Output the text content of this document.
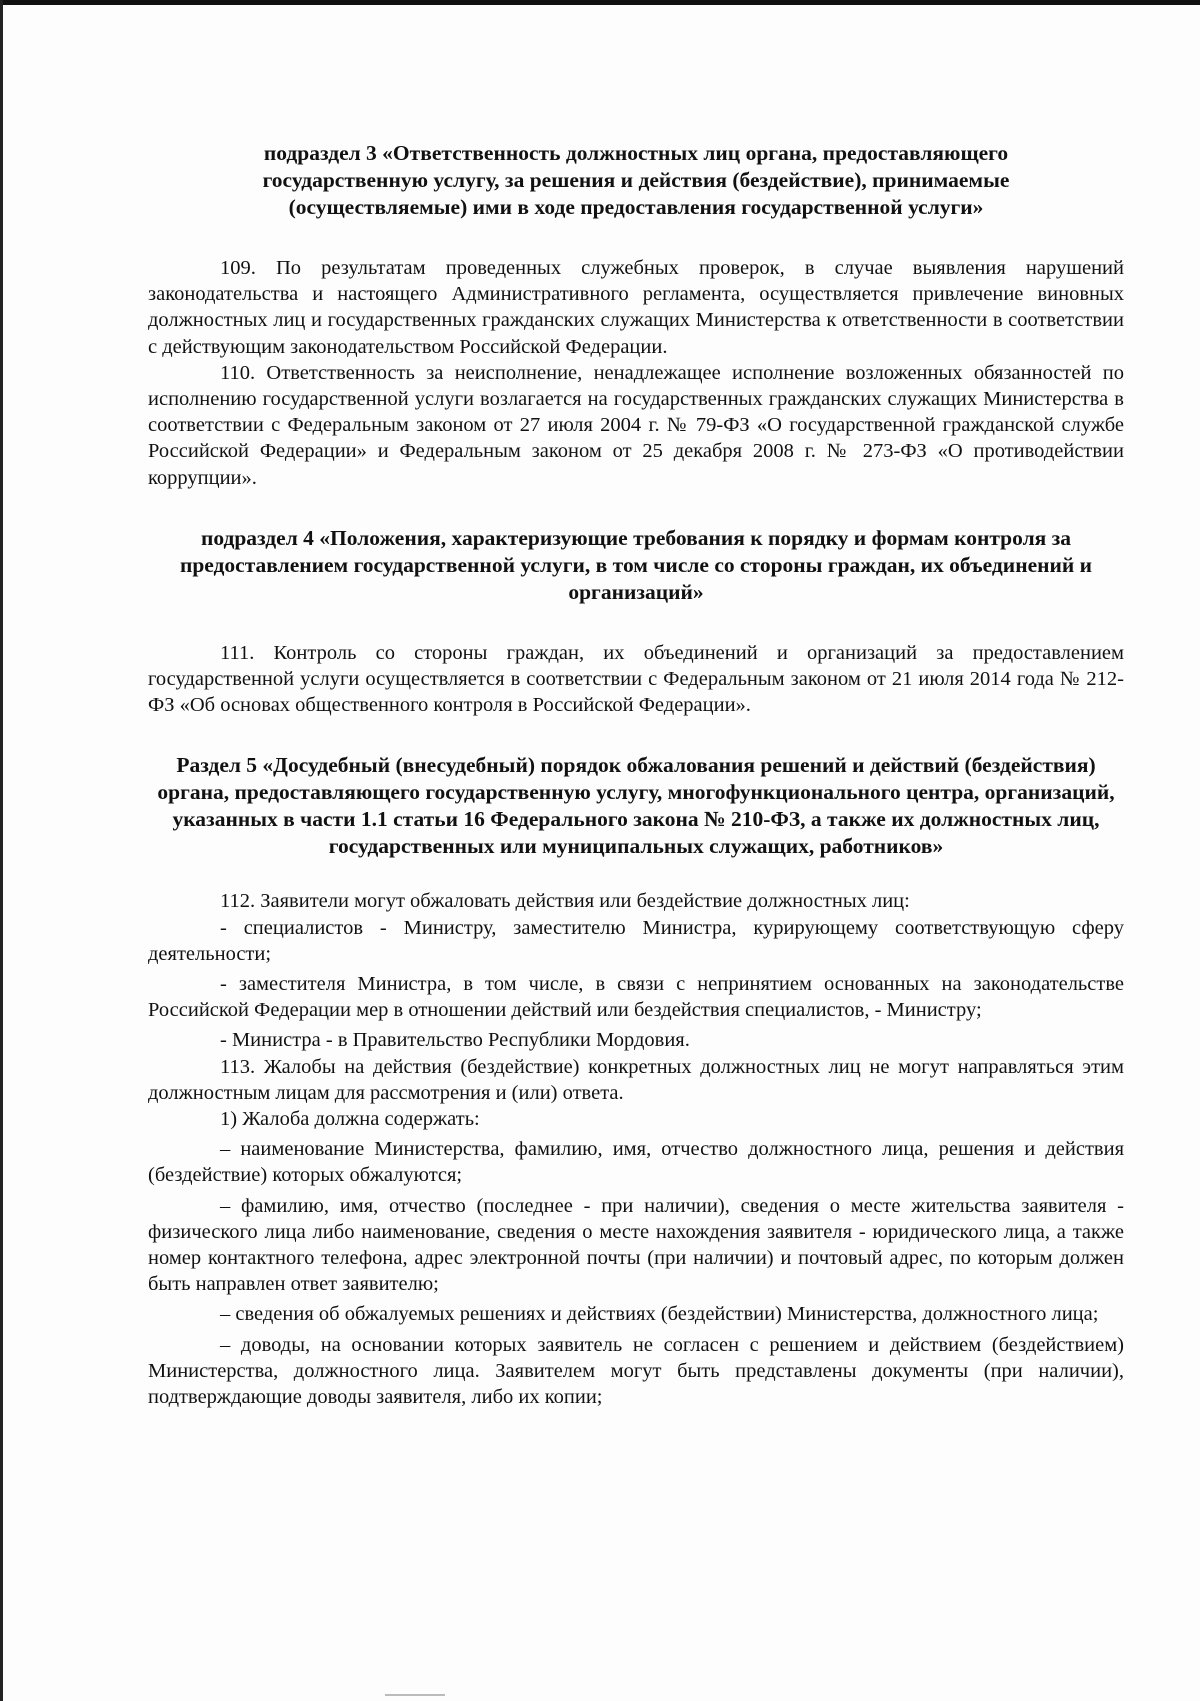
подраздел 3 «Ответственность должностных лиц органа, предоставляющего государственную услугу, за решения и действия (бездействие), принимаемые (осуществляемые) ими в ходе предоставления государственной услуги»

109. По результатам проведенных служебных проверок, в случае выявления нарушений законодательства и настоящего Административного регламента, осуществляется привлечение виновных должностных лиц и государственных гражданских служащих Министерства к ответственности в соответствии с действующим законодательством Российской Федерации.

110. Ответственность за неисполнение, ненадлежащее исполнение возложенных обязанностей по исполнению государственной услуги возлагается на государственных гражданских служащих Министерства в соответствии с Федеральным законом от 27 июля 2004 г. № 79-ФЗ «О государственной гражданской службе Российской Федерации» и Федеральным законом от 25 декабря 2008 г. № 273-ФЗ «О противодействии коррупции».

подраздел 4 «Положения, характеризующие требования к порядку и формам контроля за предоставлением государственной услуги, в том числе со стороны граждан, их объединений и организаций»

111. Контроль со стороны граждан, их объединений и организаций за предоставлением государственной услуги осуществляется в соответствии с Федеральным законом от 21 июля 2014 года № 212-ФЗ «Об основах общественного контроля в Российской Федерации».

Раздел 5 «Досудебный (внесудебный) порядок обжалования решений и действий (бездействия) органа, предоставляющего государственную услугу, многофункционального центра, организаций, указанных в части 1.1 статьи 16 Федерального закона № 210-ФЗ, а также их должностных лиц, государственных или муниципальных служащих, работников»

112. Заявители могут обжаловать действия или бездействие должностных лиц:

- специалистов - Министру, заместителю Министра, курирующему соответствующую сферу деятельности;

- заместителя Министра, в том числе, в связи с непринятием основанных на законодательстве Российской Федерации мер в отношении действий или бездействия специалистов, - Министру;

- Министра - в Правительство Республики Мордовия.

113. Жалобы на действия (бездействие) конкретных должностных лиц не могут направляться этим должностным лицам для рассмотрения и (или) ответа.

1) Жалоба должна содержать:

– наименование Министерства, фамилию, имя, отчество должностного лица, решения и действия (бездействие) которых обжалуются;

– фамилию, имя, отчество (последнее - при наличии), сведения о месте жительства заявителя - физического лица либо наименование, сведения о месте нахождения заявителя - юридического лица, а также номер контактного телефона, адрес электронной почты (при наличии) и почтовый адрес, по которым должен быть направлен ответ заявителю;

– сведения об обжалуемых решениях и действиях (бездействии) Министерства, должностного лица;

– доводы, на основании которых заявитель не согласен с решением и действием (бездействием) Министерства, должностного лица. Заявителем могут быть представлены документы (при наличии), подтверждающие доводы заявителя, либо их копии;
